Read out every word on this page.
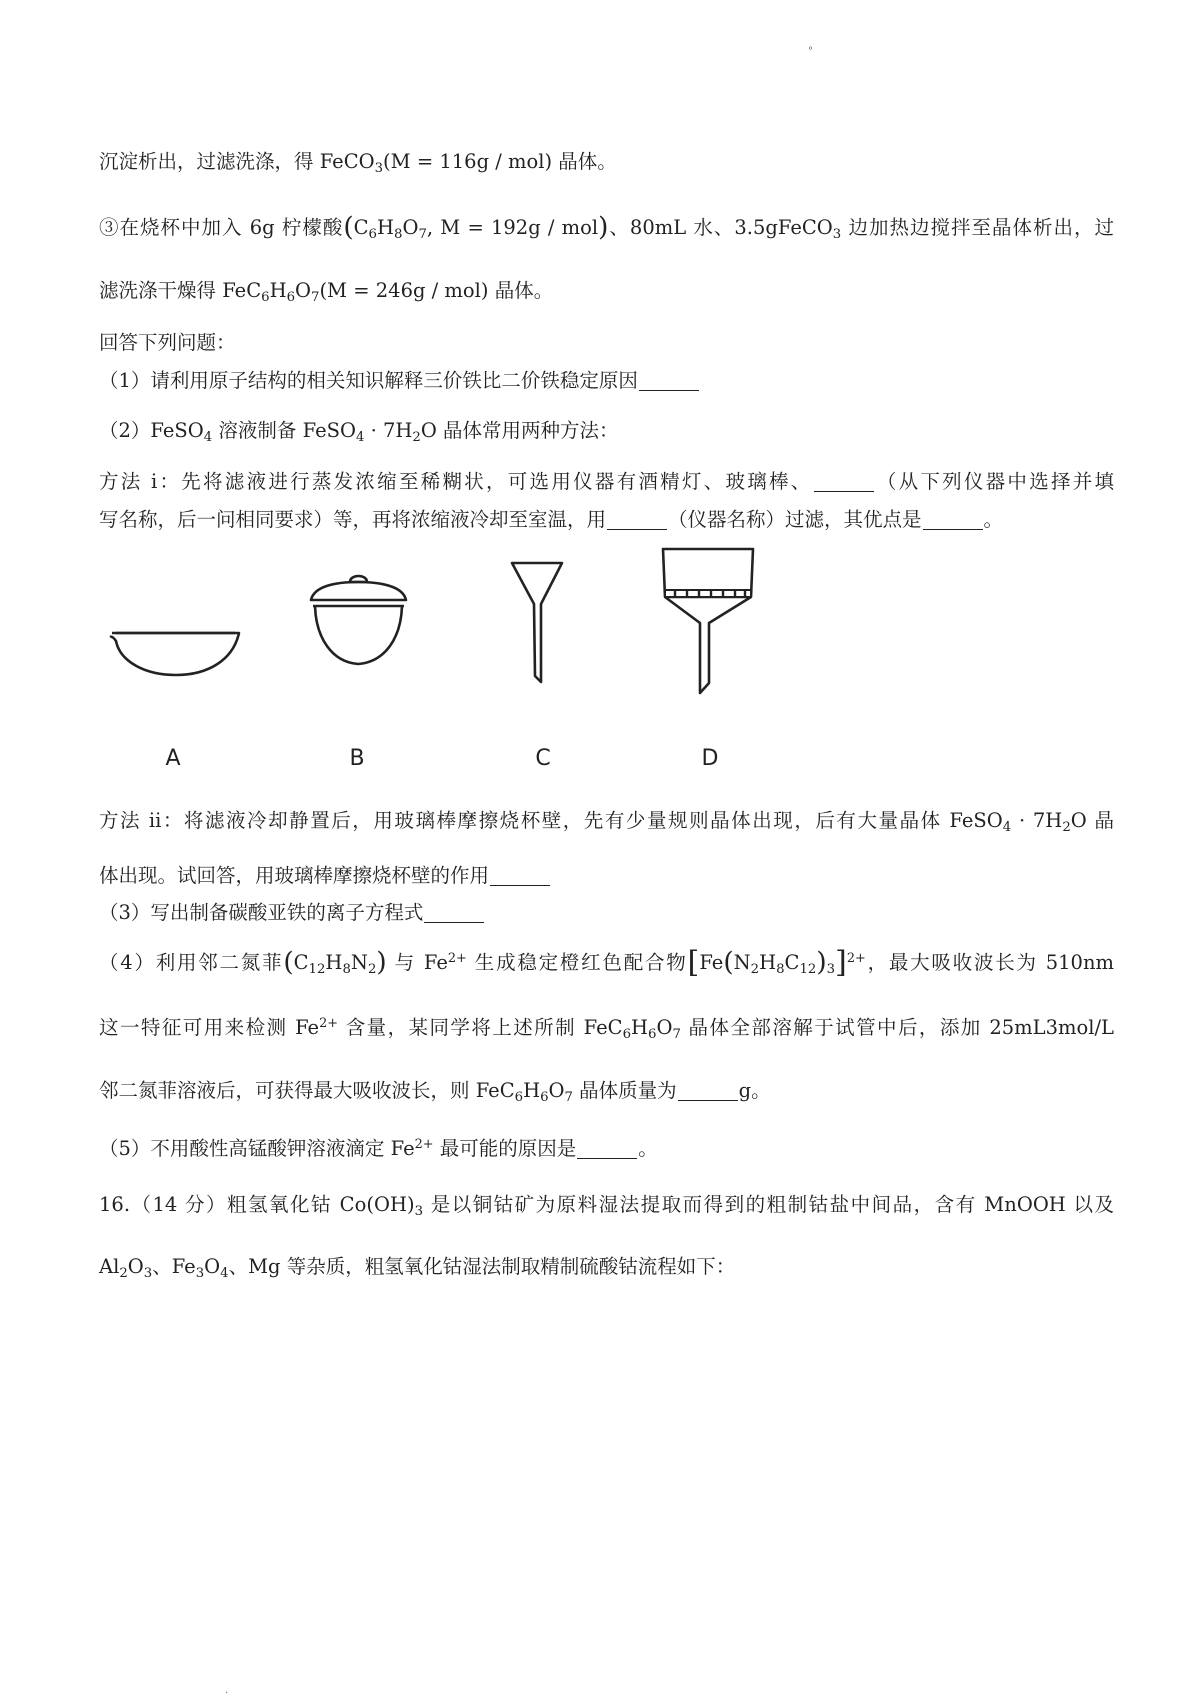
°
沉淀析出，过滤洗涤，得 FeCO$_3$(M = 116g / mol) 晶体。
③在烧杯中加入 6g 柠檬酸($C_6H_8O_7$, M = 192g / mol)、80mL 水、3.5gFeCO$_3$ 边加热边搅拌至晶体析出，过
滤洗涤干燥得 $FeC_6H_6O_7(M = 246g / mol)$ 晶体。
回答下列问题：
（1）请利用原子结构的相关知识解释三价铁比二价铁稳定原因
（2）FeSO$_4$ 溶液制备 FeSO$_4$ · $7H_2O$ 晶体常用两种方法：
方法 i：先将滤液进行蒸发浓缩至稀糊状，可选用仪器有酒精灯、玻璃棒、	（从下列仪器中选择并填
写名称，后一问相同要求）等，再将浓缩液冷却至室温，用	（仪器名称）过滤，其优点是	。
方法 ii：将滤液冷却静置后，用玻璃棒摩擦烧杯壁，先有少量规则晶体出现，后有大量晶体 FeSO$_4$ · $7H_2O$ 晶
体出现。试回答，用玻璃棒摩擦烧杯壁的作用
（3）写出制备碳酸亚铁的离子方程式
（4）利用邻二氮菲$(C_{12}H_8N_2)$ 与 $Fe^{2+}$ 生成稳定橙红色配合物$[Fe(N_2H_8C_{12})_3]^{2+}$，最大吸收波长为 510nm
这一特征可用来检测 $Fe^{2+}$ 含量，某同学将上述所制 $FeC_6H_6O_7$ 晶体全部溶解于试管中后，添加 25mL3mol/L
邻二氮菲溶液后，可获得最大吸收波长，则 $FeC_6H_6O_7$ 晶体质量为	g。
（5）不用酸性高锰酸钾溶液滴定 $Fe^{2+}$ 最可能的原因是	。
16.（14 分）粗氢氧化钴 $Co(OH)_3$ 是以铜钴矿为原料湿法提取而得到的粗制钴盐中间品，含有 MnOOH 以及
$Al_2O_3$、$Fe_3O_4$、Mg 等杂质，粗氢氧化钴湿法制取精制硫酸钴流程如下：
A	B	C	D
·
